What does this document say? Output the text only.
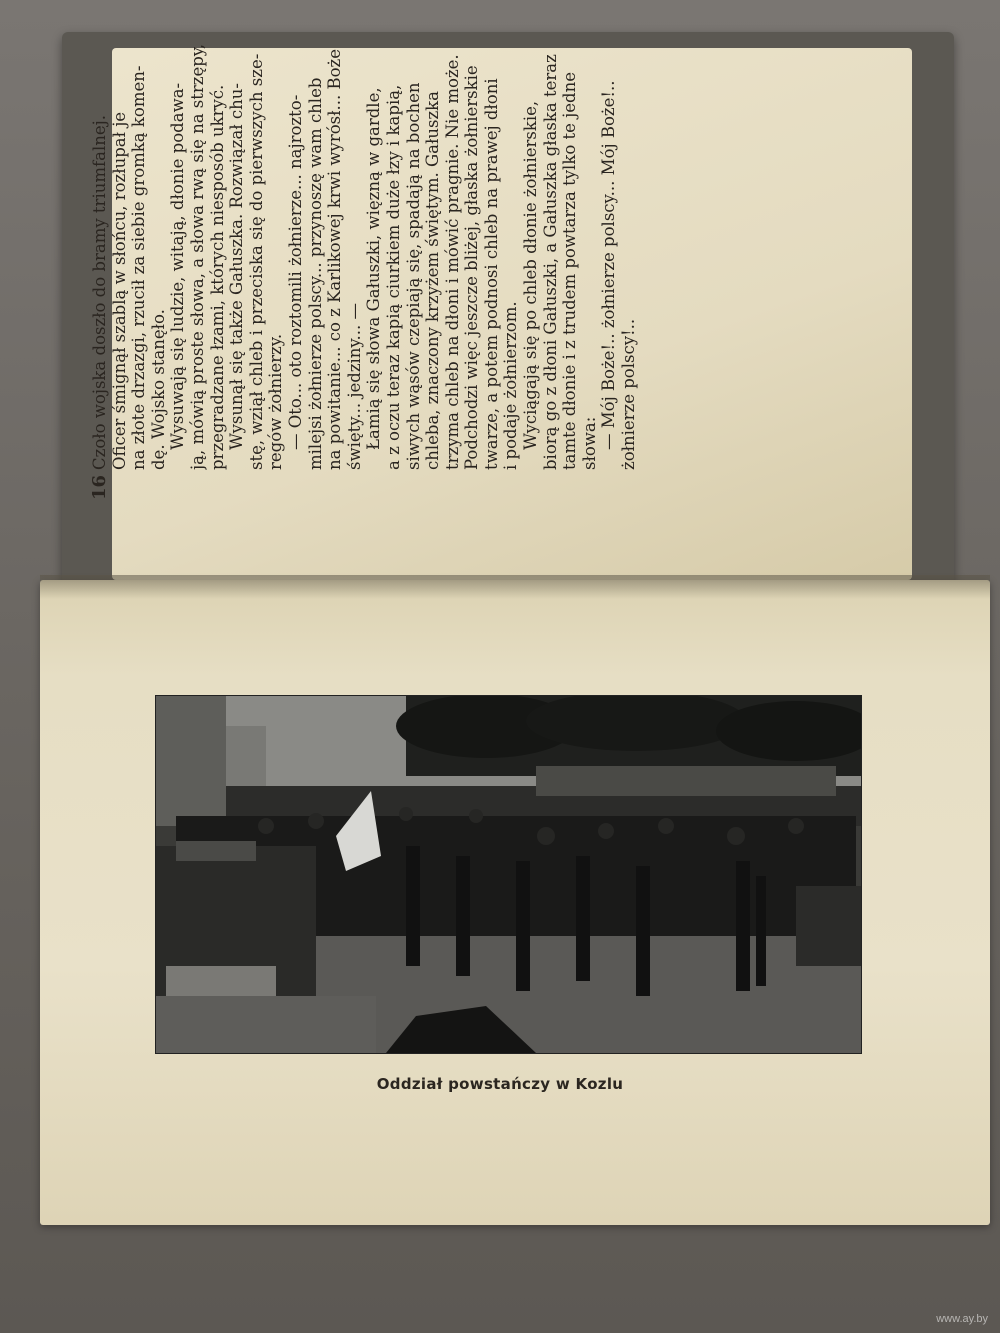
16
Czoło wojska doszło do bramy triumfalnej. Oficer śmignął szablą w słońcu, rozłupał je na złote drzazgi, rzucił za siebie gromką komen- dę. Wojsko stanęło. Wysuwają się ludzie, witają, dłonie podawa- ją, mówią proste słowa, a słowa rwą się na strzępy, przegradzane łzami, których niesposób ukryć. Wysunął się także Gałuszka. Rozwiązał chu- stę, wziął chleb i przeciska się do pierwszych sze- regów żołnierzy. — Oto... oto roztomili żołnierze... najrozto- milejsi żołnierze polscy... przynoszę wam chleb na powitanie... co z Karlikowej krwi wyrósł... Boże święty... jedziny... — Łamią się słowa Gałuszki, więzną w gardle, a z oczu teraz kapią ciurkiem duże łzy i kapią, siwych wąsów czepiają się, spadają na bochen chleba, znaczony krzyżem świętym. Gałuszka trzyma chleb na dłoni i mówić pragnie. Nie może. Podchodzi więc jeszcze bliżej, głaska żołnierskie twarze, a potem podnosi chleb na prawej dłoni i podaje żołnierzom. Wyciągają się po chleb dłonie żołnierskie, biorą go z dłoni Gałuszki, a Gałuszka głaska teraz tamte dłonie i z trudem powtarza tylko te jedne słowa: — Mój Boże!.. żołnierze polscy... Mój Boże!.. żołnierze polscy!..
Oddział powstańczy w Kozlu
www.ay.by
